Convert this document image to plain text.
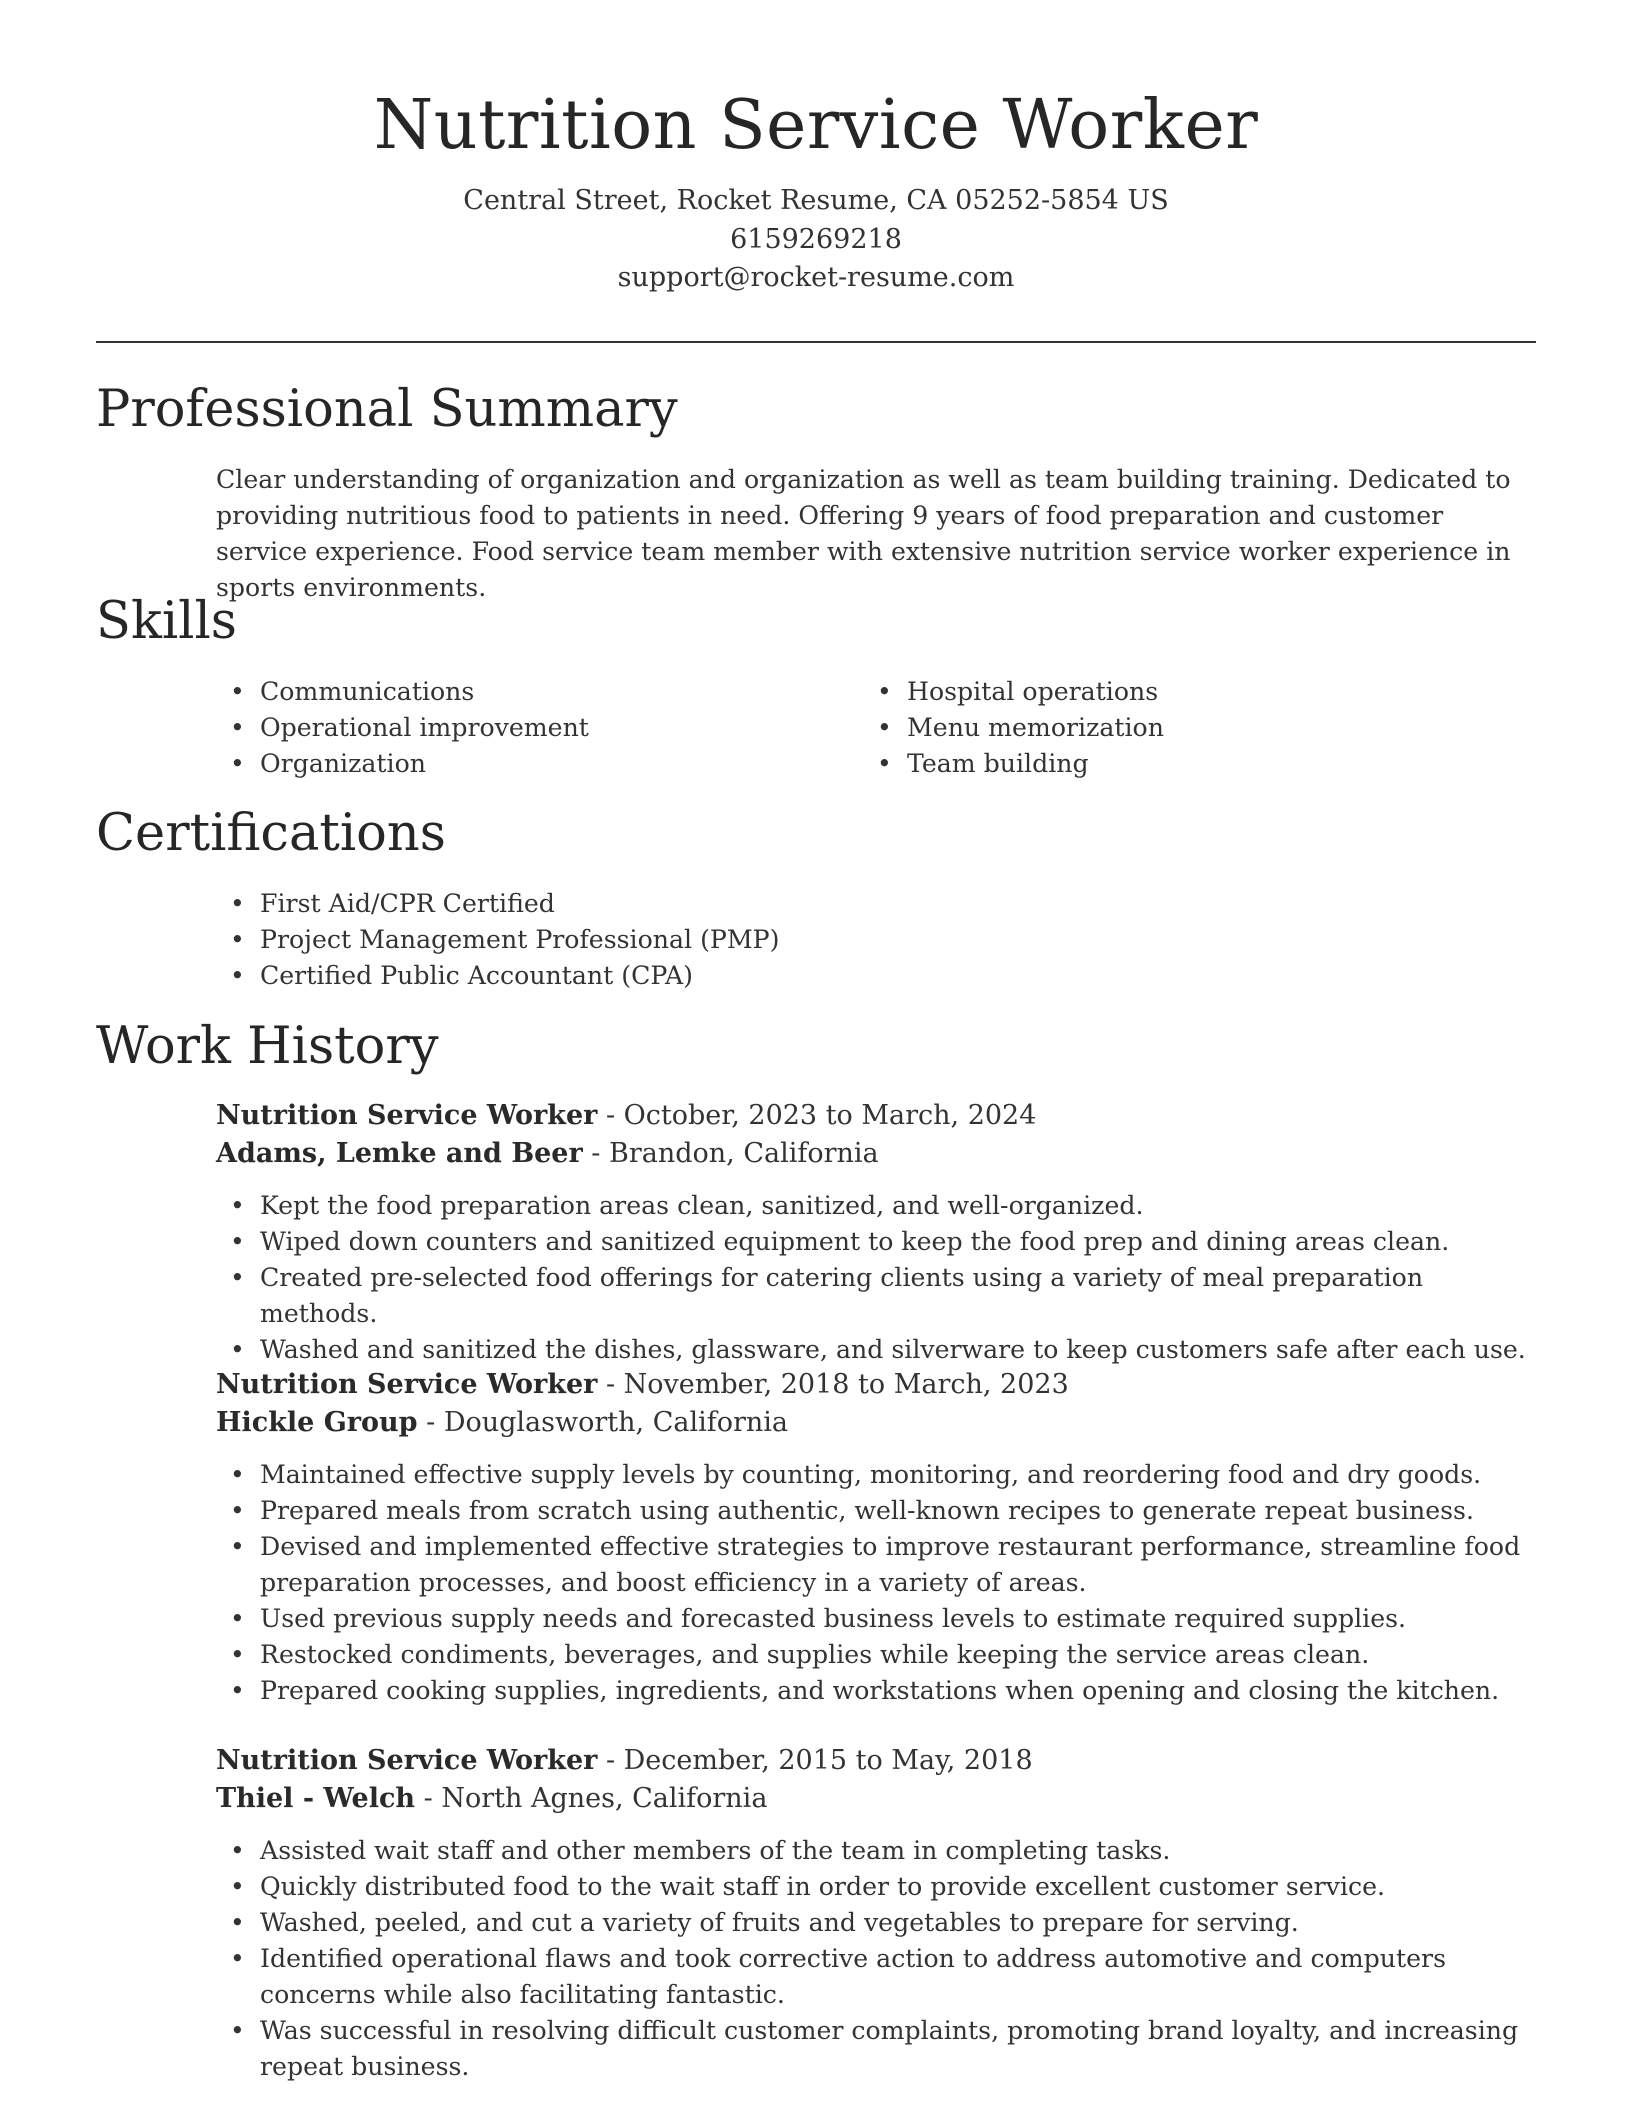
Nutrition Service Worker
Central Street, Rocket Resume, CA 05252-5854 US
6159269218
support@rocket-resume.com
Professional Summary

Clear understanding of organization and organization as well as team building training. Dedicated to providing nutritious food to patients in need. Offering 9 years of food preparation and customer service experience. Food service team member with extensive nutrition service worker experience in sports environments.

Skills
• Communications
• Operational improvement
• Organization
• Hospital operations
• Menu memorization
• Team building
Certifications
• First Aid/CPR Certified
• Project Management Professional (PMP)
• Certified Public Accountant (CPA)
Work History
Nutrition Service Worker - October, 2023 to March, 2024
Adams, Lemke and Beer - Brandon, California
• Kept the food preparation areas clean, sanitized, and well-organized.
• Wiped down counters and sanitized equipment to keep the food prep and dining areas clean.
• Created pre-selected food offerings for catering clients using a variety of meal preparation methods.
• Washed and sanitized the dishes, glassware, and silverware to keep customers safe after each use.
Nutrition Service Worker - November, 2018 to March, 2023
Hickle Group - Douglasworth, California
• Maintained effective supply levels by counting, monitoring, and reordering food and dry goods.
• Prepared meals from scratch using authentic, well-known recipes to generate repeat business.
• Devised and implemented effective strategies to improve restaurant performance, streamline food preparation processes, and boost efficiency in a variety of areas.
• Used previous supply needs and forecasted business levels to estimate required supplies.
• Restocked condiments, beverages, and supplies while keeping the service areas clean.
• Prepared cooking supplies, ingredients, and workstations when opening and closing the kitchen.
Nutrition Service Worker - December, 2015 to May, 2018
Thiel - Welch - North Agnes, California
• Assisted wait staff and other members of the team in completing tasks.
• Quickly distributed food to the wait staff in order to provide excellent customer service.
• Washed, peeled, and cut a variety of fruits and vegetables to prepare for serving.
• Identified operational flaws and took corrective action to address automotive and computers concerns while also facilitating fantastic.
• Was successful in resolving difficult customer complaints, promoting brand loyalty, and increasing repeat business.
